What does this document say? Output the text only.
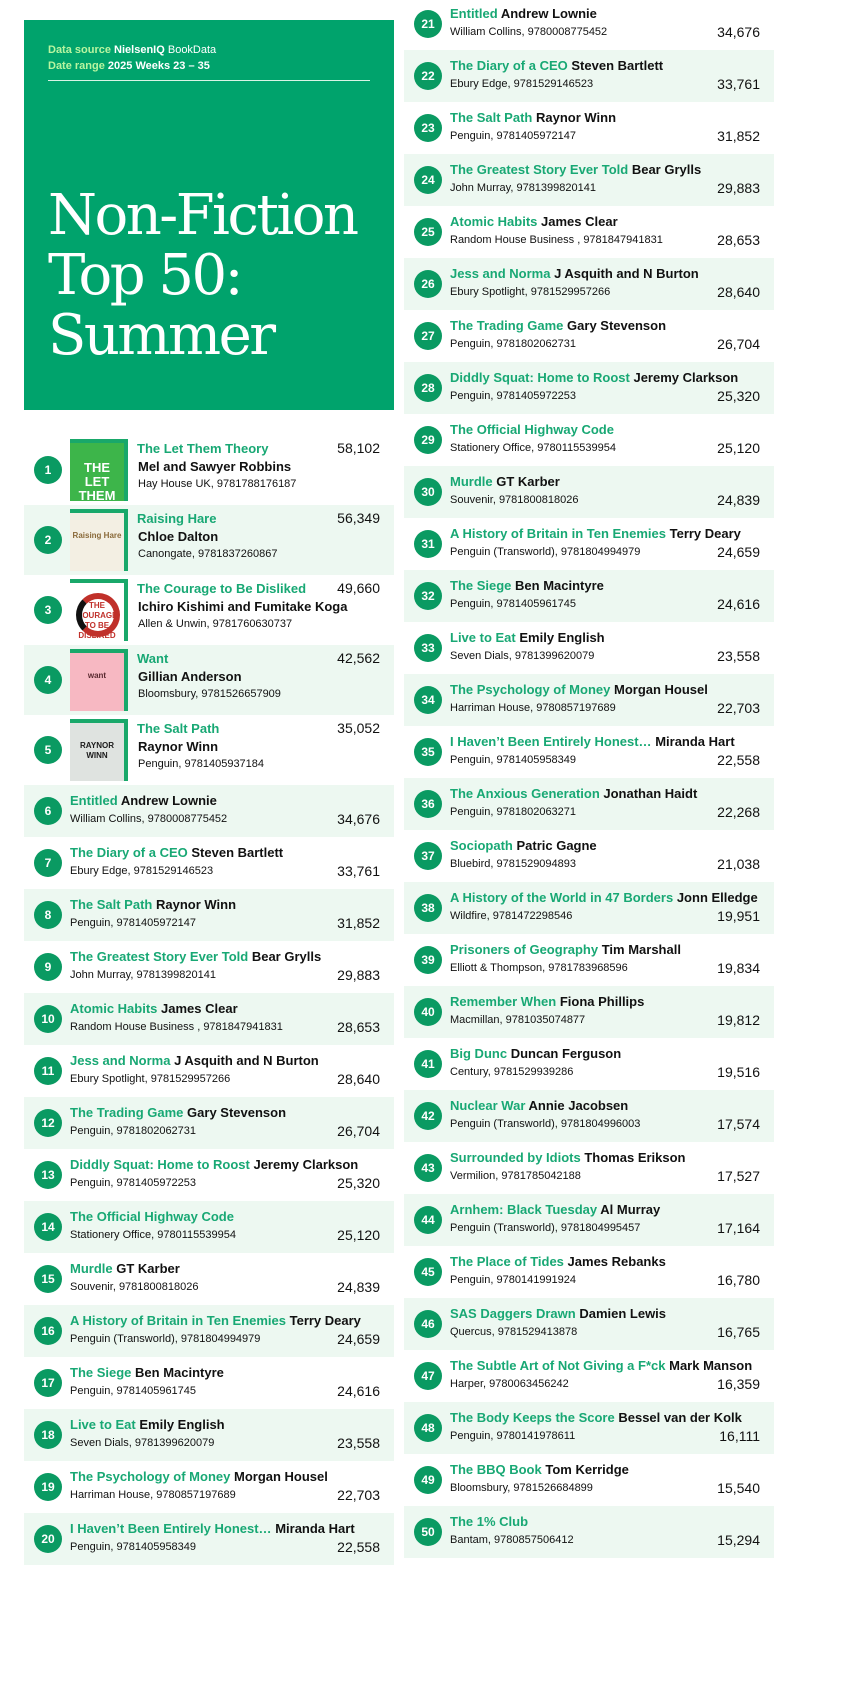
Data source NielsenIQ BookData
Date range 2025 Weeks 23 – 35
Non-Fiction
Top 50:
Summer
1	THE LET THEM
The Let Them Theory
Mel and Sawyer Robbins
Hay House UK, 9781788176187
58,102
2	Raising Hare
Raising Hare
Chloe Dalton
Canongate, 9781837260867
56,349
3	THE COURAGE TO BE DISLIKED
The Courage to Be Disliked
Ichiro Kishimi and Fumitake Koga
Allen & Unwin, 9781760630737
49,660
4	want
Want
Gillian Anderson
Bloomsbury, 9781526657909
42,562
5	RAYNOR WINN
The Salt Path
Raynor Winn
Penguin, 9781405937184
35,052
6
Entitled Andrew Lownie
William Collins, 9780008775452	34,676
7
The Diary of a CEO Steven Bartlett
Ebury Edge, 9781529146523	33,761
8
The Salt Path Raynor Winn
Penguin, 9781405972147	31,852
9
The Greatest Story Ever Told Bear Grylls
John Murray, 9781399820141	29,883
10
Atomic Habits James Clear
Random House Business , 9781847941831	28,653
11
Jess and Norma J Asquith and N Burton
Ebury Spotlight, 9781529957266	28,640
12
The Trading Game Gary Stevenson
Penguin, 9781802062731	26,704
13
Diddly Squat: Home to Roost Jeremy Clarkson
Penguin, 9781405972253	25,320
14
The Official Highway Code
Stationery Office, 9780115539954	25,120
15
Murdle GT Karber
Souvenir, 9781800818026	24,839
16
A History of Britain in Ten Enemies Terry Deary
Penguin (Transworld), 9781804994979	24,659
17
The Siege Ben Macintyre
Penguin, 9781405961745	24,616
18
Live to Eat Emily English
Seven Dials, 9781399620079	23,558
19
The Psychology of Money Morgan Housel
Harriman House, 9780857197689	22,703
20
I Haven’t Been Entirely Honest… Miranda Hart
Penguin, 9781405958349	22,558
21
Entitled Andrew Lownie
William Collins, 9780008775452	34,676
22
The Diary of a CEO Steven Bartlett
Ebury Edge, 9781529146523	33,761
23
The Salt Path Raynor Winn
Penguin, 9781405972147	31,852
24
The Greatest Story Ever Told Bear Grylls
John Murray, 9781399820141	29,883
25
Atomic Habits James Clear
Random House Business , 9781847941831	28,653
26
Jess and Norma J Asquith and N Burton
Ebury Spotlight, 9781529957266	28,640
27
The Trading Game Gary Stevenson
Penguin, 9781802062731	26,704
28
Diddly Squat: Home to Roost Jeremy Clarkson
Penguin, 9781405972253	25,320
29
The Official Highway Code
Stationery Office, 9780115539954	25,120
30
Murdle GT Karber
Souvenir, 9781800818026	24,839
31
A History of Britain in Ten Enemies Terry Deary
Penguin (Transworld), 9781804994979	24,659
32
The Siege Ben Macintyre
Penguin, 9781405961745	24,616
33
Live to Eat Emily English
Seven Dials, 9781399620079	23,558
34
The Psychology of Money Morgan Housel
Harriman House, 9780857197689	22,703
35
I Haven’t Been Entirely Honest… Miranda Hart
Penguin, 9781405958349	22,558
36
The Anxious Generation Jonathan Haidt
Penguin, 9781802063271	22,268
37
Sociopath Patric Gagne
Bluebird, 9781529094893	21,038
38
A History of the World in 47 Borders Jonn Elledge
Wildfire, 9781472298546	19,951
39
Prisoners of Geography Tim Marshall
Elliott & Thompson, 9781783968596	19,834
40
Remember When Fiona Phillips
Macmillan, 9781035074877	19,812
41
Big Dunc Duncan Ferguson
Century, 9781529939286	19,516
42
Nuclear War Annie Jacobsen
Penguin (Transworld), 9781804996003	17,574
43
Surrounded by Idiots Thomas Erikson
Vermilion, 9781785042188	17,527
44
Arnhem: Black Tuesday Al Murray
Penguin (Transworld), 9781804995457	17,164
45
The Place of Tides James Rebanks
Penguin, 9780141991924	16,780
46
SAS Daggers Drawn Damien Lewis
Quercus, 9781529413878	16,765
47
The Subtle Art of Not Giving a F*ck Mark Manson
Harper, 9780063456242	16,359
48
The Body Keeps the Score Bessel van der Kolk
Penguin, 9780141978611	16,111
49
The BBQ Book Tom Kerridge
Bloomsbury, 9781526684899	15,540
50
The 1% Club
Bantam, 9780857506412	15,294
